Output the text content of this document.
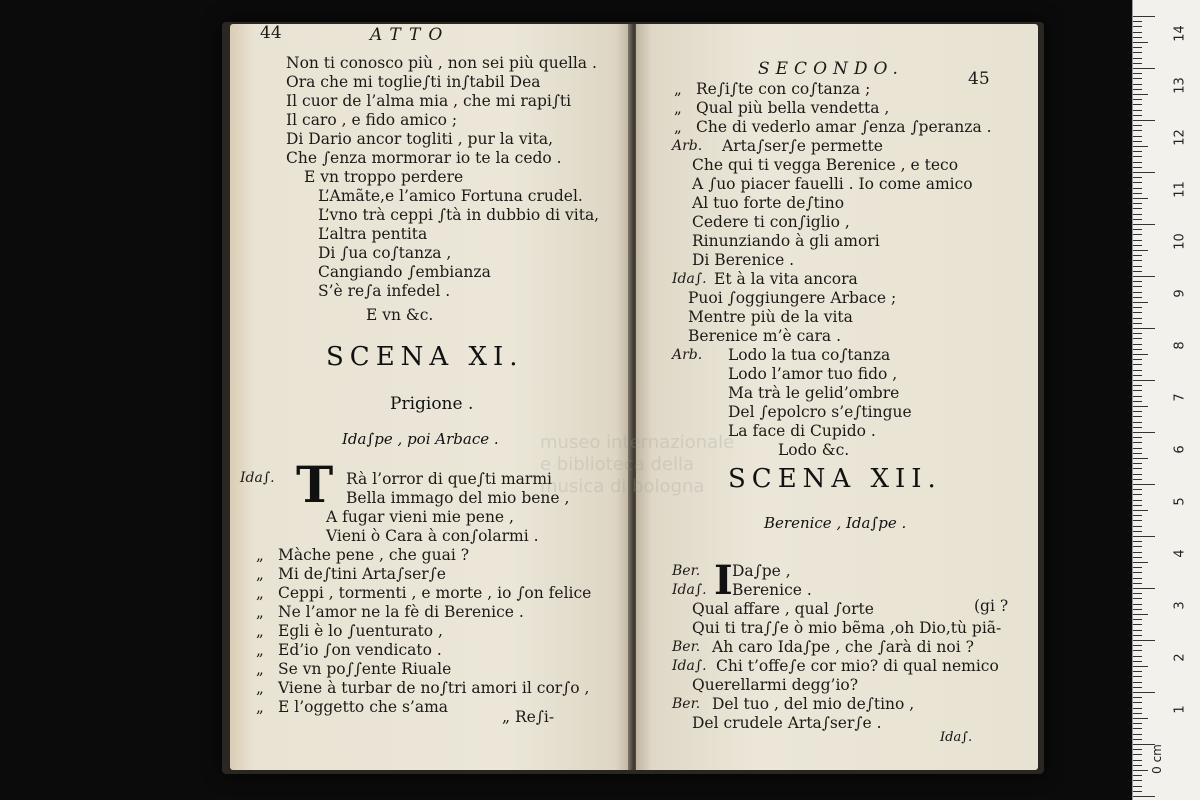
44	ATTO
Non ti conosco più , non sei più quella .
Ora che mi toglie∫ti in∫tabil Dea
Il cuor de l’alma mia , che mi rapi∫ti
Il caro , e fido amico ;
Di Dario ancor togliti , pur la vita,
Che ∫enza mormorar io te la cedo .
E vn troppo perdere
L’Amãte,e l’amico Fortuna crudel.
L’vno trà ceppi ∫tà in dubbio di vita,
L’altra pentita
Di ∫ua co∫tanza ,
Cangiando ∫embianza
S’è re∫a infedel .
E vn &c.
SCENA XI.
Prigione .
Ida∫pe , poi Arbace .
Ida∫. T Rà l’orror di que∫ti marmi
Bella immago del mio bene ,
A fugar vieni mie pene ,
Vieni ò Cara à con∫olarmi .
„ Màche pene , che guai ?
„ Mi de∫tini Arta∫ser∫e
„ Ceppi , tormenti , e morte , io ∫on felice
„ Ne l’amor ne la fè di Berenice .
„ Egli è lo ∫uenturato ,
„ Ed’io ∫on vendicato .
„ Se vn po∫∫ente Riuale
„ Viene à turbar de no∫tri amori il cor∫o ,
„ E l’oggetto che s’ama
„ Re∫i-
SECONDO.	45
„ Re∫i∫te con co∫tanza ;
„ Qual più bella vendetta ,
„ Che di vederlo amar ∫enza ∫peranza .
Arb. Arta∫ser∫e permette
Che qui ti vegga Berenice , e teco
A ∫uo piacer fauelli . Io come amico
Al tuo forte de∫tino
Cedere ti con∫iglio ,
Rinunziando à gli amori
Di Berenice .
Ida∫. Et à la vita ancora
Puoi ∫oggiungere Arbace ;
Mentre più de la vita
Berenice m’è cara .
Arb. Lodo la tua co∫tanza
Lodo l’amor tuo fido ,
Ma trà le gelid’ombre
Del ∫epolcro s’e∫tingue
La face di Cupido .
Lodo &c.
SCENA XII.
Berenice , Ida∫pe .
I
Ber. Da∫pe ,
Ida∫. Berenice .
Qual affare , qual ∫orte
Qui ti tra∫∫e ò mio bẽma ,oh Dio,tù piã-
Ber. Ah caro Ida∫pe , che ∫arà di noi ?
Ida∫. Chi t’offe∫e cor mio? di qual nemico
Querellarmi degg’io?
Ber. Del tuo , del mio de∫tino ,
Del crudele Arta∫ser∫e .
(gi ?
Ida∫.
museo internazionale e biblioteca della musica di bologna
14
13
12
11
10
9
8
7
6
5
4
3
2
1
0 cm
